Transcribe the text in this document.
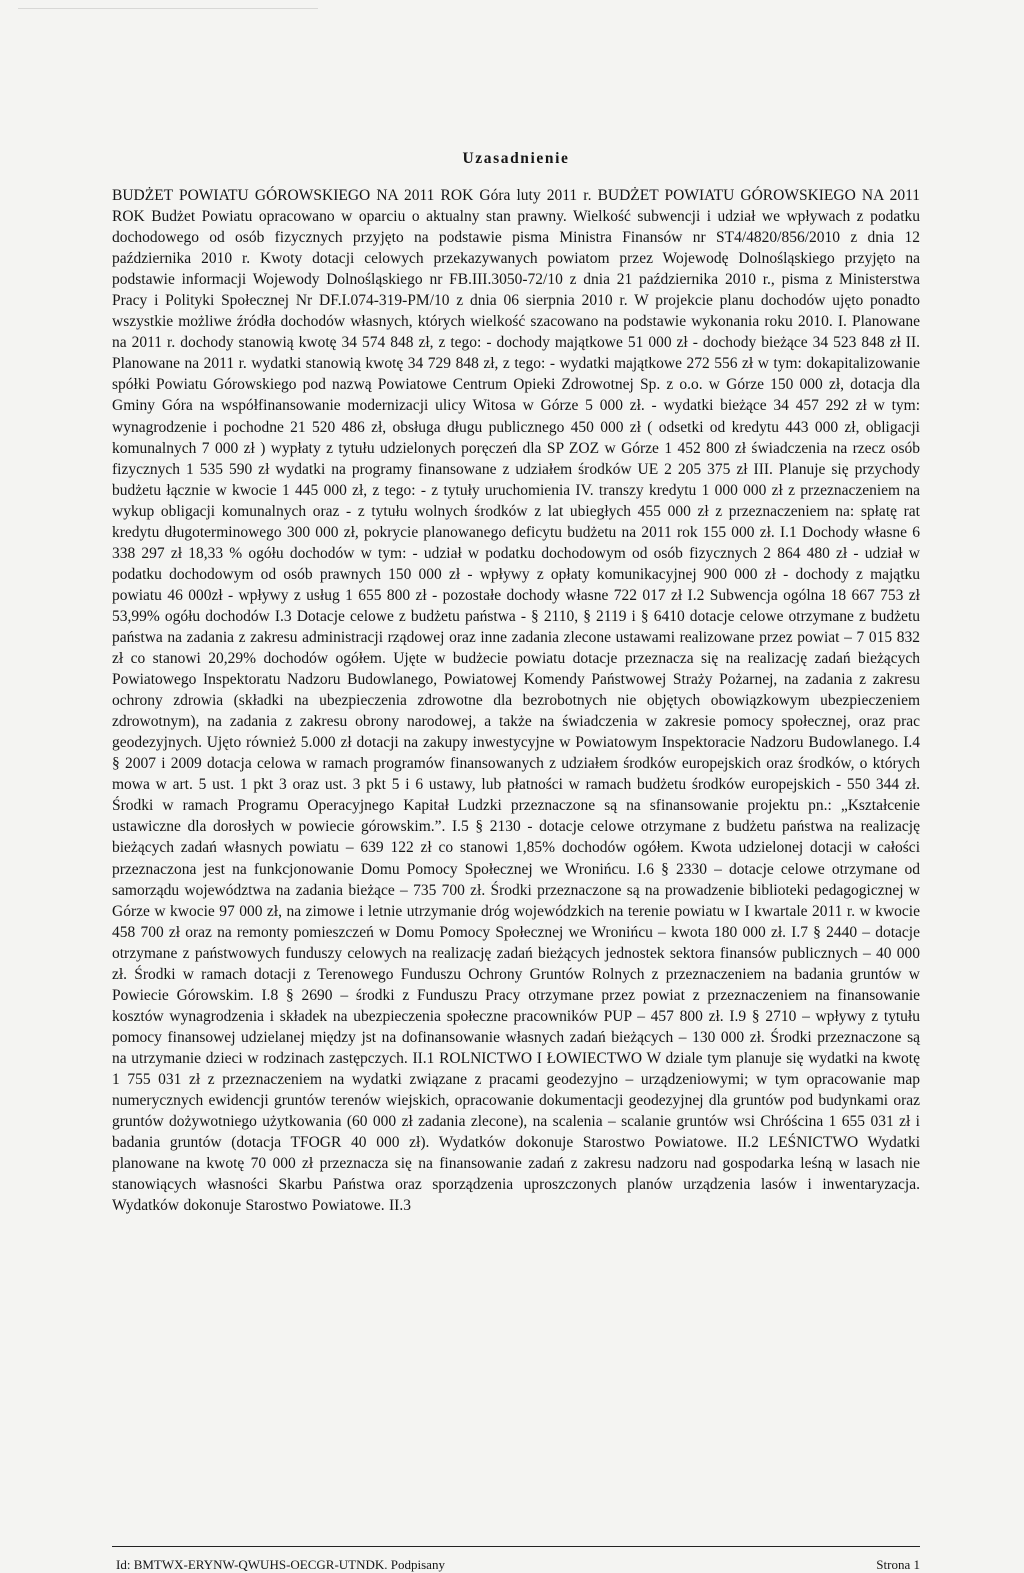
Uzasadnienie

BUDŻET POWIATU GÓROWSKIEGO NA 2011 ROK Góra luty 2011 r. BUDŻET POWIATU GÓROWSKIEGO NA 2011 ROK Budżet Powiatu opracowano w oparciu o aktualny stan prawny. Wielkość subwencji i udział we wpływach z podatku dochodowego od osób fizycznych przyjęto na podstawie pisma Ministra Finansów nr ST4/4820/856/2010 z dnia 12 października 2010 r. Kwoty dotacji celowych przekazywanych powiatom przez Wojewodę Dolnośląskiego przyjęto na podstawie informacji Wojewody Dolnośląskiego nr FB.III.3050-72/10 z dnia 21 października 2010 r., pisma z Ministerstwa Pracy i Polityki Społecznej Nr DF.I.074-319-PM/10 z dnia 06 sierpnia 2010 r. W projekcie planu dochodów ujęto ponadto wszystkie możliwe źródła dochodów własnych, których wielkość szacowano na podstawie wykonania roku 2010. I. Planowane na 2011 r. dochody stanowią kwotę 34 574 848 zł, z tego: - dochody majątkowe 51 000 zł - dochody bieżące 34 523 848 zł II. Planowane na 2011 r. wydatki stanowią kwotę 34 729 848 zł, z tego: - wydatki majątkowe 272 556 zł w tym: dokapitalizowanie spółki Powiatu Górowskiego pod nazwą Powiatowe Centrum Opieki Zdrowotnej Sp. z o.o. w Górze 150 000 zł, dotacja dla Gminy Góra na współfinansowanie modernizacji ulicy Witosa w Górze 5 000 zł. - wydatki bieżące 34 457 292 zł w tym: wynagrodzenie i pochodne 21 520 486 zł, obsługa długu publicznego 450 000 zł ( odsetki od kredytu 443 000 zł, obligacji komunalnych 7 000 zł ) wypłaty z tytułu udzielonych poręczeń dla SP ZOZ w Górze 1 452 800 zł świadczenia na rzecz osób fizycznych 1 535 590 zł wydatki na programy finansowane z udziałem środków UE 2 205 375 zł III. Planuje się przychody budżetu łącznie w kwocie 1 445 000 zł, z tego: - z tytuły uruchomienia IV. transzy kredytu 1 000 000 zł z przeznaczeniem na wykup obligacji komunalnych oraz - z tytułu wolnych środków z lat ubiegłych 455 000 zł z przeznaczeniem na: spłatę rat kredytu długoterminowego 300 000 zł, pokrycie planowanego deficytu budżetu na 2011 rok 155 000 zł. I.1 Dochody własne 6 338 297 zł 18,33 % ogółu dochodów w tym: - udział w podatku dochodowym od osób fizycznych 2 864 480 zł - udział w podatku dochodowym od osób prawnych 150 000 zł - wpływy z opłaty komunikacyjnej 900 000 zł - dochody z majątku powiatu 46 000zł - wpływy z usług 1 655 800 zł - pozostałe dochody własne 722 017 zł I.2 Subwencja ogólna 18 667 753 zł 53,99% ogółu dochodów I.3 Dotacje celowe z budżetu państwa - § 2110, § 2119 i § 6410 dotacje celowe otrzymane z budżetu państwa na zadania z zakresu administracji rządowej oraz inne zadania zlecone ustawami realizowane przez powiat – 7 015 832 zł co stanowi 20,29% dochodów ogółem. Ujęte w budżecie powiatu dotacje przeznacza się na realizację zadań bieżących Powiatowego Inspektoratu Nadzoru Budowlanego, Powiatowej Komendy Państwowej Straży Pożarnej, na zadania z zakresu ochrony zdrowia (składki na ubezpieczenia zdrowotne dla bezrobotnych nie objętych obowiązkowym ubezpieczeniem zdrowotnym), na zadania z zakresu obrony narodowej, a także na świadczenia w zakresie pomocy społecznej, oraz prac geodezyjnych. Ujęto również 5.000 zł dotacji na zakupy inwestycyjne w Powiatowym Inspektoracie Nadzoru Budowlanego. I.4 § 2007 i 2009 dotacja celowa w ramach programów finansowanych z udziałem środków europejskich oraz środków, o których mowa w art. 5 ust. 1 pkt 3 oraz ust. 3 pkt 5 i 6 ustawy, lub płatności w ramach budżetu środków europejskich - 550 344 zł. Środki w ramach Programu Operacyjnego Kapitał Ludzki przeznaczone są na sfinansowanie projektu pn.: „Kształcenie ustawiczne dla dorosłych w powiecie górowskim.”. I.5 § 2130 - dotacje celowe otrzymane z budżetu państwa na realizację bieżących zadań własnych powiatu – 639 122 zł co stanowi 1,85% dochodów ogółem. Kwota udzielonej dotacji w całości przeznaczona jest na funkcjonowanie Domu Pomocy Społecznej we Wronińcu. I.6 § 2330 – dotacje celowe otrzymane od samorządu województwa na zadania bieżące – 735 700 zł. Środki przeznaczone są na prowadzenie biblioteki pedagogicznej w Górze w kwocie 97 000 zł, na zimowe i letnie utrzymanie dróg wojewódzkich na terenie powiatu w I kwartale 2011 r. w kwocie 458 700 zł oraz na remonty pomieszczeń w Domu Pomocy Społecznej we Wronińcu – kwota 180 000 zł. I.7 § 2440 – dotacje otrzymane z państwowych funduszy celowych na realizację zadań bieżących jednostek sektora finansów publicznych – 40 000 zł. Środki w ramach dotacji z Terenowego Funduszu Ochrony Gruntów Rolnych z przeznaczeniem na badania gruntów w Powiecie Górowskim. I.8 § 2690 – środki z Funduszu Pracy otrzymane przez powiat z przeznaczeniem na finansowanie kosztów wynagrodzenia i składek na ubezpieczenia społeczne pracowników PUP – 457 800 zł. I.9 § 2710 – wpływy z tytułu pomocy finansowej udzielanej między jst na dofinansowanie własnych zadań bieżących – 130 000 zł. Środki przeznaczone są na utrzymanie dzieci w rodzinach zastępczych. II.1 ROLNICTWO I ŁOWIECTWO W dziale tym planuje się wydatki na kwotę 1 755 031 zł z przeznaczeniem na wydatki związane z pracami geodezyjno – urządzeniowymi; w tym opracowanie map numerycznych ewidencji gruntów terenów wiejskich, opracowanie dokumentacji geodezyjnej dla gruntów pod budynkami oraz gruntów dożywotniego użytkowania (60 000 zł zadania zlecone), na scalenia – scalanie gruntów wsi Chróścina 1 655 031 zł i badania gruntów (dotacja TFOGR 40 000 zł). Wydatków dokonuje Starostwo Powiatowe. II.2 LEŚNICTWO Wydatki planowane na kwotę 70 000 zł przeznacza się na finansowanie zadań z zakresu nadzoru nad gospodarka leśną w lasach nie stanowiących własności Skarbu Państwa oraz sporządzenia uproszczonych planów urządzenia lasów i inwentaryzacja. Wydatków dokonuje Starostwo Powiatowe. II.3

Id: BMTWX-ERYNW-QWUHS-OECGR-UTNDK. Podpisany	Strona 1
